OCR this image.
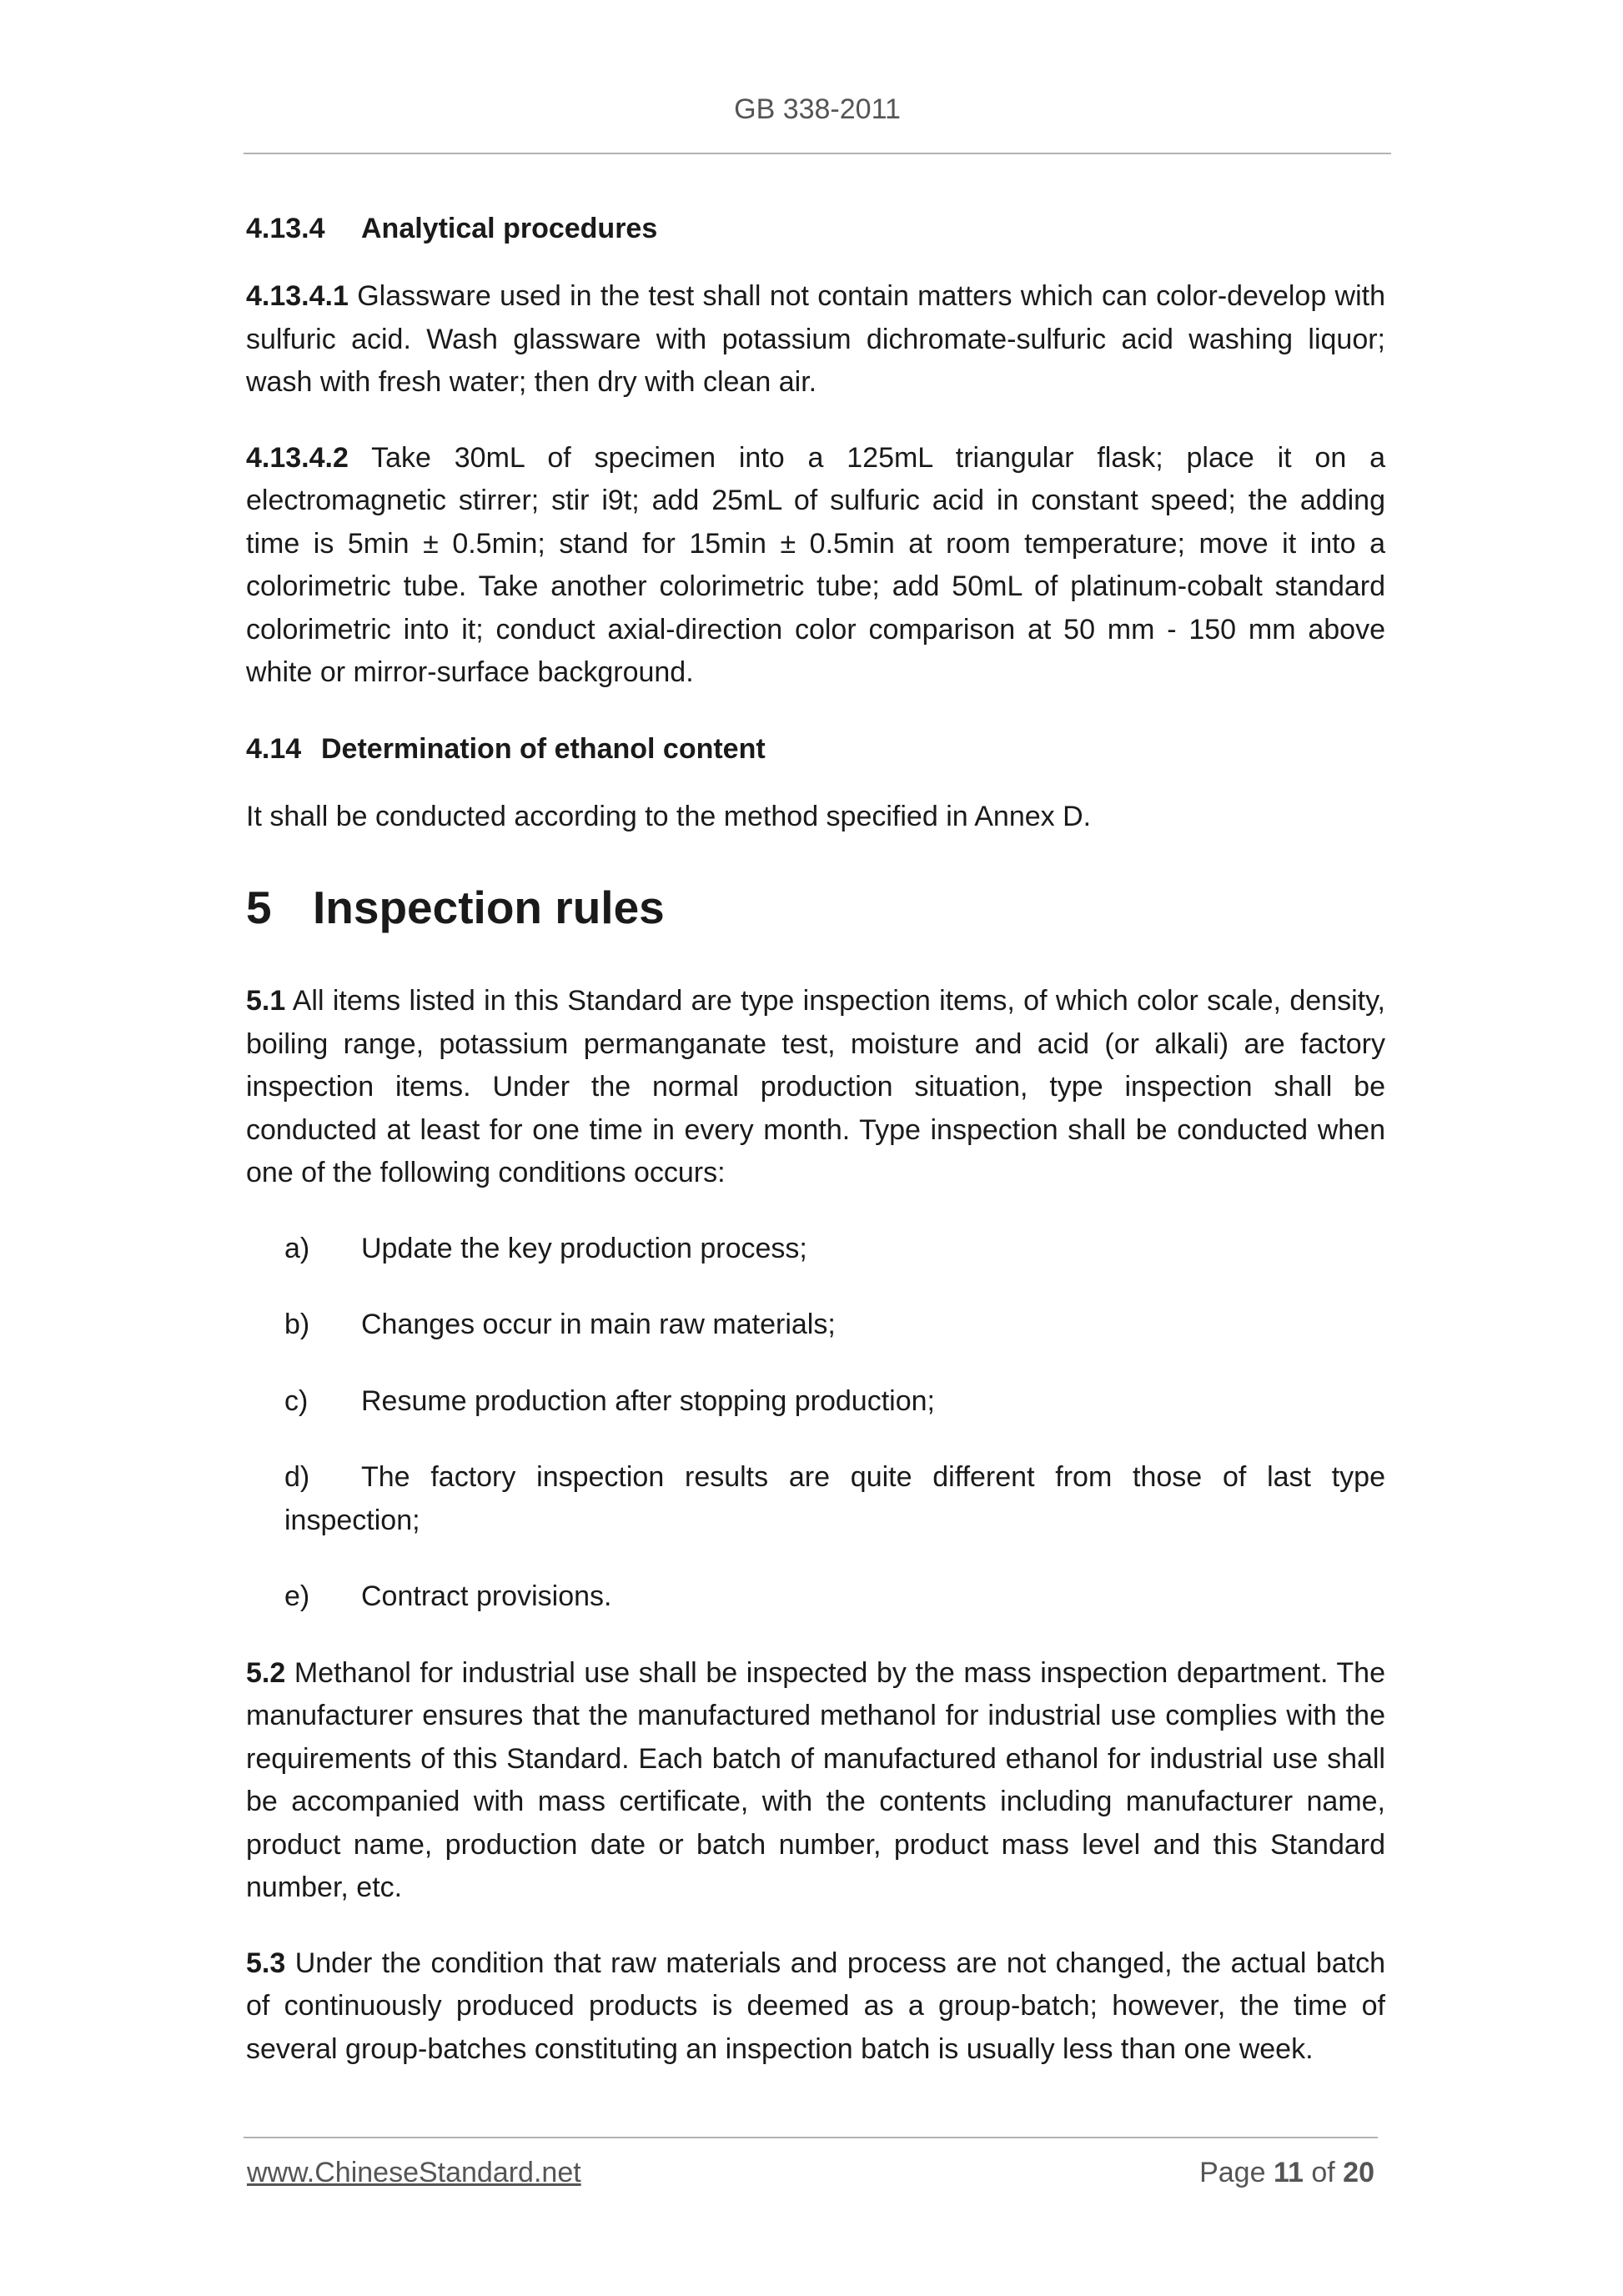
GB 338-2011
4.13.4 Analytical procedures

4.13.4.1 Glassware used in the test shall not contain matters which can color-develop with sulfuric acid. Wash glassware with potassium dichromate-sulfuric acid washing liquor; wash with fresh water; then dry with clean air.

4.13.4.2 Take 30mL of specimen into a 125mL triangular flask; place it on a electromagnetic stirrer; stir i9t; add 25mL of sulfuric acid in constant speed; the adding time is 5min ± 0.5min; stand for 15min ± 0.5min at room temperature; move it into a colorimetric tube. Take another colorimetric tube; add 50mL of platinum-cobalt standard colorimetric into it; conduct axial-direction color comparison at 50 mm - 150 mm above white or mirror-surface background.

4.14 Determination of ethanol content

It shall be conducted according to the method specified in Annex D.

5 Inspection rules

5.1 All items listed in this Standard are type inspection items, of which color scale, density, boiling range, potassium permanganate test, moisture and acid (or alkali) are factory inspection items. Under the normal production situation, type inspection shall be conducted at least for one time in every month. Type inspection shall be conducted when one of the following conditions occurs:

a) Update the key production process;
b) Changes occur in main raw materials;
c) Resume production after stopping production;
d) The factory inspection results are quite different from those of last type inspection;
e) Contract provisions.

5.2 Methanol for industrial use shall be inspected by the mass inspection department. The manufacturer ensures that the manufactured methanol for industrial use complies with the requirements of this Standard. Each batch of manufactured ethanol for industrial use shall be accompanied with mass certificate, with the contents including manufacturer name, product name, production date or batch number, product mass level and this Standard number, etc.

5.3 Under the condition that raw materials and process are not changed, the actual batch of continuously produced products is deemed as a group-batch; however, the time of several group-batches constituting an inspection batch is usually less than one week.

www.ChineseStandard.net	Page 11 of 20
